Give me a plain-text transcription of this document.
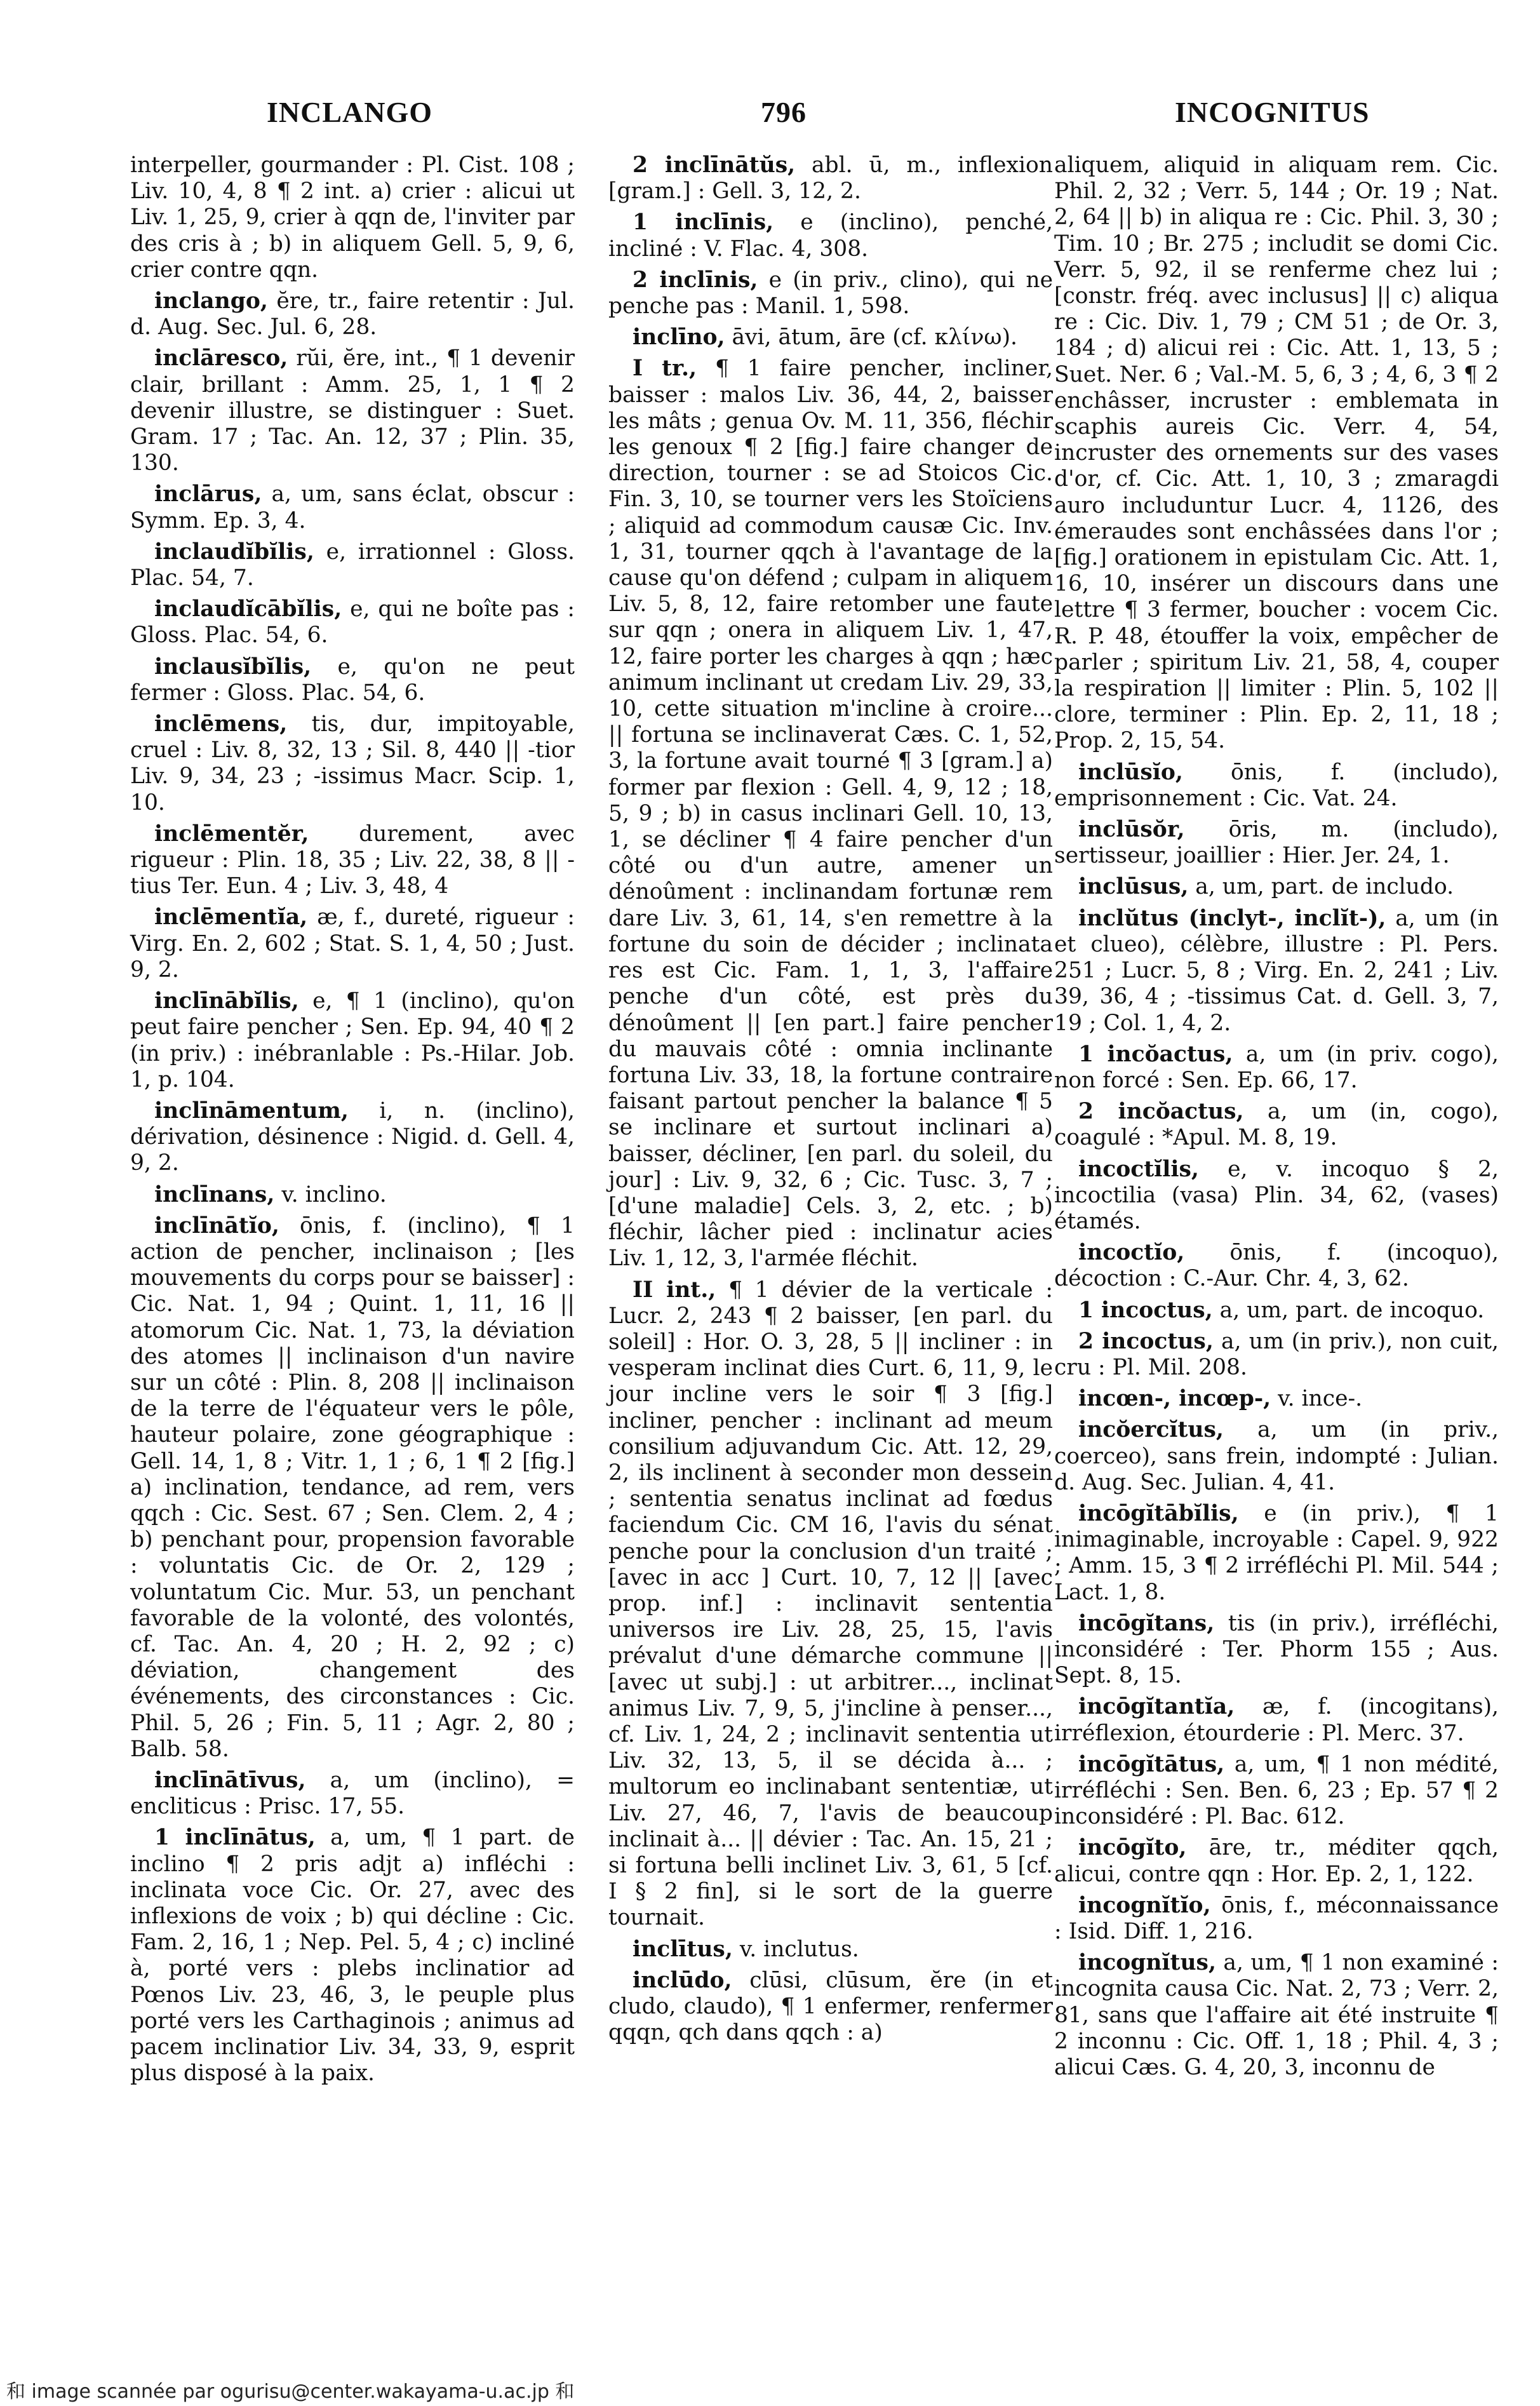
INCLANGO	796	INCOGNITUS

interpeller, gourmander : Pl. Cist. 108 ; Liv. 10, 4, 8 ¶ 2 int. a) crier : alicui ut Liv. 1, 25, 9, crier à qqn de, l'inviter par des cris à ; b) in aliquem Gell. 5, 9, 6, crier contre qqn.

inclango, ĕre, tr., faire retentir : Jul. d. Aug. Sec. Jul. 6, 28.

inclāresco, rŭi, ĕre, int., ¶ 1 devenir clair, brillant : Amm. 25, 1, 1 ¶ 2 devenir illustre, se distinguer : Suet. Gram. 17 ; Tac. An. 12, 37 ; Plin. 35, 130.

inclārus, a, um, sans éclat, obscur : Symm. Ep. 3, 4.

inclaudĭbĭlis, e, irrationnel : Gloss. Plac. 54, 7.

inclaudĭcābĭlis, e, qui ne boîte pas : Gloss. Plac. 54, 6.

inclausĭbĭlis, e, qu'on ne peut fermer : Gloss. Plac. 54, 6.

inclēmens, tis, dur, impitoyable, cruel : Liv. 8, 32, 13 ; Sil. 8, 440 || -tior Liv. 9, 34, 23 ; -issimus Macr. Scip. 1, 10.

inclēmentĕr, durement, avec rigueur : Plin. 18, 35 ; Liv. 22, 38, 8 || -tius Ter. Eun. 4 ; Liv. 3, 48, 4

inclēmentĭa, æ, f., dureté, rigueur : Virg. En. 2, 602 ; Stat. S. 1, 4, 50 ; Just. 9, 2.

inclīnābĭlis, e, ¶ 1 (inclino), qu'on peut faire pencher ; Sen. Ep. 94, 40 ¶ 2 (in priv.) : inébranlable : Ps.-Hilar. Job. 1, p. 104.

inclīnāmentum, i, n. (inclino), dérivation, désinence : Nigid. d. Gell. 4, 9, 2.

inclīnans, v. inclino.

inclīnātĭo, ōnis, f. (inclino), ¶ 1 action de pencher, inclinaison ; [les mouvements du corps pour se baisser] : Cic. Nat. 1, 94 ; Quint. 1, 11, 16 || atomorum Cic. Nat. 1, 73, la déviation des atomes || inclinaison d'un navire sur un côté : Plin. 8, 208 || inclinaison de la terre de l'équateur vers le pôle, hauteur polaire, zone géographique : Gell. 14, 1, 8 ; Vitr. 1, 1 ; 6, 1 ¶ 2 [fig.] a) inclination, tendance, ad rem, vers qqch : Cic. Sest. 67 ; Sen. Clem. 2, 4 ; b) penchant pour, propension favorable : voluntatis Cic. de Or. 2, 129 ; voluntatum Cic. Mur. 53, un penchant favorable de la volonté, des volontés, cf. Tac. An. 4, 20 ; H. 2, 92 ; c) déviation, changement des événements, des circonstances : Cic. Phil. 5, 26 ; Fin. 5, 11 ; Agr. 2, 80 ; Balb. 58.

inclīnātīvus, a, um (inclino), = encliticus : Prisc. 17, 55.

1 inclīnātus, a, um, ¶ 1 part. de inclino ¶ 2 pris adjt a) infléchi : inclinata voce Cic. Or. 27, avec des inflexions de voix ; b) qui décline : Cic. Fam. 2, 16, 1 ; Nep. Pel. 5, 4 ; c) incliné à, porté vers : plebs inclinatior ad Pœnos Liv. 23, 46, 3, le peuple plus porté vers les Carthaginois ; animus ad pacem inclinatior Liv. 34, 33, 9, esprit plus disposé à la paix.

2 inclīnātŭs, abl. ū, m., inflexion [gram.] : Gell. 3, 12, 2.

1 inclīnis, e (inclino), penché, incliné : V. Flac. 4, 308.

2 inclīnis, e (in priv., clino), qui ne penche pas : Manil. 1, 598.

inclīno, āvi, ātum, āre (cf. κλίνω).

I tr., ¶ 1 faire pencher, incliner, baisser : malos Liv. 36, 44, 2, baisser les mâts ; genua Ov. M. 11, 356, fléchir les genoux ¶ 2 [fig.] faire changer de direction, tourner : se ad Stoicos Cic. Fin. 3, 10, se tourner vers les Stoïciens ; aliquid ad commodum causæ Cic. Inv. 1, 31, tourner qqch à l'avantage de la cause qu'on défend ; culpam in aliquem Liv. 5, 8, 12, faire retomber une faute sur qqn ; onera in aliquem Liv. 1, 47, 12, faire porter les charges à qqn ; hæc animum inclinant ut credam Liv. 29, 33, 10, cette situation m'incline à croire... || fortuna se inclinaverat Cæs. C. 1, 52, 3, la fortune avait tourné ¶ 3 [gram.] a) former par flexion : Gell. 4, 9, 12 ; 18, 5, 9 ; b) in casus inclinari Gell. 10, 13, 1, se décliner ¶ 4 faire pencher d'un côté ou d'un autre, amener un dénoûment : inclinandam fortunæ rem dare Liv. 3, 61, 14, s'en remettre à la fortune du soin de décider ; inclinata res est Cic. Fam. 1, 1, 3, l'affaire penche d'un côté, est près du dénoûment || [en part.] faire pencher du mauvais côté : omnia inclinante fortuna Liv. 33, 18, la fortune contraire faisant partout pencher la balance ¶ 5 se inclinare et surtout inclinari a) baisser, décliner, [en parl. du soleil, du jour] : Liv. 9, 32, 6 ; Cic. Tusc. 3, 7 ; [d'une maladie] Cels. 3, 2, etc. ; b) fléchir, lâcher pied : inclinatur acies Liv. 1, 12, 3, l'armée fléchit.

II int., ¶ 1 dévier de la verticale : Lucr. 2, 243 ¶ 2 baisser, [en parl. du soleil] : Hor. O. 3, 28, 5 || incliner : in vesperam inclinat dies Curt. 6, 11, 9, le jour incline vers le soir ¶ 3 [fig.] incliner, pencher : inclinant ad meum consilium adjuvandum Cic. Att. 12, 29, 2, ils inclinent à seconder mon dessein ; sententia senatus inclinat ad fœdus faciendum Cic. CM 16, l'avis du sénat penche pour la conclusion d'un traité ; [avec in acc ] Curt. 10, 7, 12 || [avec prop. inf.] : inclinavit sententia universos ire Liv. 28, 25, 15, l'avis prévalut d'une démarche commune || [avec ut subj.] : ut arbitrer..., inclinat animus Liv. 7, 9, 5, j'incline à penser..., cf. Liv. 1, 24, 2 ; inclinavit sententia ut Liv. 32, 13, 5, il se décida à... ; multorum eo inclinabant sententiæ, ut Liv. 27, 46, 7, l'avis de beaucoup inclinait à... || dévier : Tac. An. 15, 21 ; si fortuna belli inclinet Liv. 3, 61, 5 [cf. I § 2 fin], si le sort de la guerre tournait.

inclītus, v. inclutus.

inclūdo, clūsi, clūsum, ĕre (in et cludo, claudo), ¶ 1 enfermer, renfermer qqqn, qch dans qqch : a)

aliquem, aliquid in aliquam rem. Cic. Phil. 2, 32 ; Verr. 5, 144 ; Or. 19 ; Nat. 2, 64 || b) in aliqua re : Cic. Phil. 3, 30 ; Tim. 10 ; Br. 275 ; includit se domi Cic. Verr. 5, 92, il se renferme chez lui ; [constr. fréq. avec inclusus] || c) aliqua re : Cic. Div. 1, 79 ; CM 51 ; de Or. 3, 184 ; d) alicui rei : Cic. Att. 1, 13, 5 ; Suet. Ner. 6 ; Val.-M. 5, 6, 3 ; 4, 6, 3 ¶ 2 enchâsser, incruster : emblemata in scaphis aureis Cic. Verr. 4, 54, incruster des ornements sur des vases d'or, cf. Cic. Att. 1, 10, 3 ; zmaragdi auro includuntur Lucr. 4, 1126, des émeraudes sont enchâssées dans l'or ; [fig.] orationem in epistulam Cic. Att. 1, 16, 10, insérer un discours dans une lettre ¶ 3 fermer, boucher : vocem Cic. R. P. 48, étouffer la voix, empêcher de parler ; spiritum Liv. 21, 58, 4, couper la respiration || limiter : Plin. 5, 102 || clore, terminer : Plin. Ep. 2, 11, 18 ; Prop. 2, 15, 54.

inclūsĭo, ōnis, f. (includo), emprisonnement : Cic. Vat. 24.

inclūsŏr, ōris, m. (includo), sertisseur, joaillier : Hier. Jer. 24, 1.

inclūsus, a, um, part. de includo.

inclŭtus (inclyt-, inclĭt-), a, um (in et clueo), célèbre, illustre : Pl. Pers. 251 ; Lucr. 5, 8 ; Virg. En. 2, 241 ; Liv. 39, 36, 4 ; -tissimus Cat. d. Gell. 3, 7, 19 ; Col. 1, 4, 2.

1 incŏactus, a, um (in priv. cogo), non forcé : Sen. Ep. 66, 17.

2 incŏactus, a, um (in, cogo), coagulé : *Apul. M. 8, 19.

incoctĭlis, e, v. incoquo § 2, incoctilia (vasa) Plin. 34, 62, (vases) étamés.

incoctĭo, ōnis, f. (incoquo), décoction : C.-Aur. Chr. 4, 3, 62.

1 incoctus, a, um, part. de incoquo.

2 incoctus, a, um (in priv.), non cuit, cru : Pl. Mil. 208.

incœn-, incœp-, v. ince-.

incŏercĭtus, a, um (in priv., coerceo), sans frein, indompté : Julian. d. Aug. Sec. Julian. 4, 41.

incōgĭtābĭlis, e (in priv.), ¶ 1 inimaginable, incroyable : Capel. 9, 922 ; Amm. 15, 3 ¶ 2 irréfléchi Pl. Mil. 544 ; Lact. 1, 8.

incōgĭtans, tis (in priv.), irréfléchi, inconsidéré : Ter. Phorm 155 ; Aus. Sept. 8, 15.

incōgĭtantĭa, æ, f. (incogitans), irréflexion, étourderie : Pl. Merc. 37.

incōgĭtātus, a, um, ¶ 1 non médité, irréfléchi : Sen. Ben. 6, 23 ; Ep. 57 ¶ 2 inconsidéré : Pl. Bac. 612.

incōgĭto, āre, tr., méditer qqch, alicui, contre qqn : Hor. Ep. 2, 1, 122.

incognĭtĭo, ōnis, f., méconnaissance : Isid. Diff. 1, 216.

incognĭtus, a, um, ¶ 1 non examiné : incognita causa Cic. Nat. 2, 73 ; Verr. 2, 81, sans que l'affaire ait été instruite ¶ 2 inconnu : Cic. Off. 1, 18 ; Phil. 4, 3 ; alicui Cæs. G. 4, 20, 3, inconnu de

和 image scannée par ogurisu@center.wakayama-u.ac.jp 和
